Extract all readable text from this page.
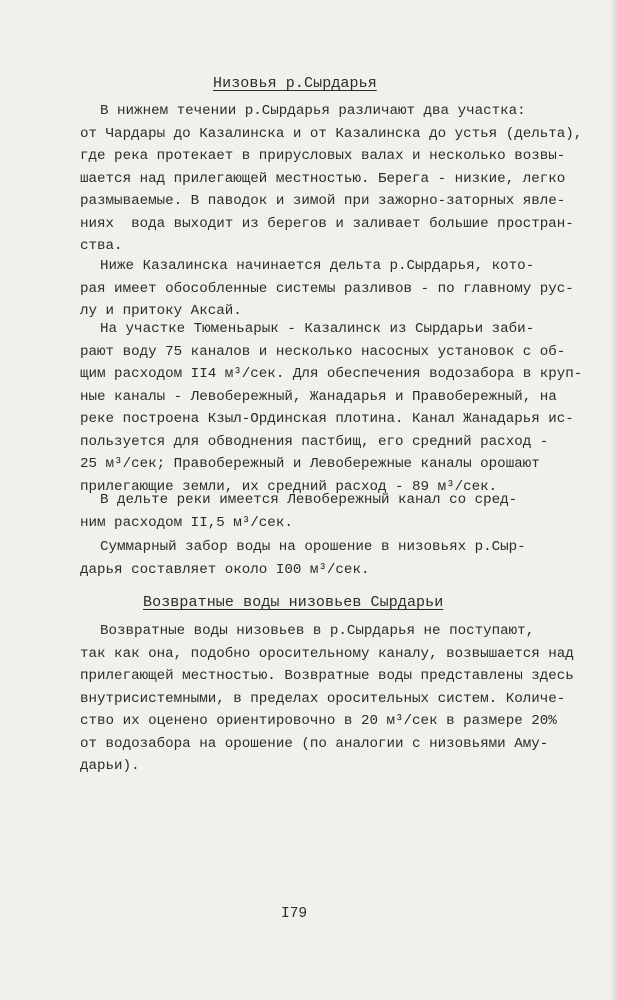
Низовья р.Сырдарья
В нижнем течении р.Сырдарья различают два участка:
от Чардары до Казалинска и от Казалинска до устья (дельта),
где река протекает в прирусловых валах и несколько возвы-
шается над прилегающей местностью. Берега - низкие, легко
размываемые. В паводок и зимой при зажорно-заторных явле-
ниях  вода выходит из берегов и заливает большие простран-
ства.
Ниже Казалинска начинается дельта р.Сырдарья, кото-
рая имеет обособленные системы разливов - по главному рус-
лу и притоку Аксай.
На участке Тюменьарык - Казалинск из Сырдарьи заби-
рают воду 75 каналов и несколько насосных установок с об-
щим расходом II4 м³/сек. Для обеспечения водозабора в круп-
ные каналы - Левобережный, Жанадарья и Правобережный, на
реке построена Кзыл-Ординская плотина. Канал Жанадарья ис-
пользуется для обводнения пастбищ, его средний расход -
25 м³/сек; Правобережный и Левобережные каналы орошают
прилегающие земли, их средний расход - 89 м³/сек.
В дельте реки имеется Левобережный канал со сред-
ним расходом II,5 м³/сек.
Суммарный забор воды на орошение в низовьях р.Сыр-
дарья составляет около I00 м³/сек.
Возвратные воды низовьев Сырдарьи
Возвратные воды низовьев в р.Сырдарья не поступают,
так как она, подобно оросительному каналу, возвышается над
прилегающей местностью. Возвратные воды представлены здесь
внутрисистемными, в пределах оросительных систем. Количе-
ство их оценено ориентировочно в 20 м³/сек в размере 20%
от водозабора на орошение (по аналогии с низовьями Аму-
дарьи).
I79
